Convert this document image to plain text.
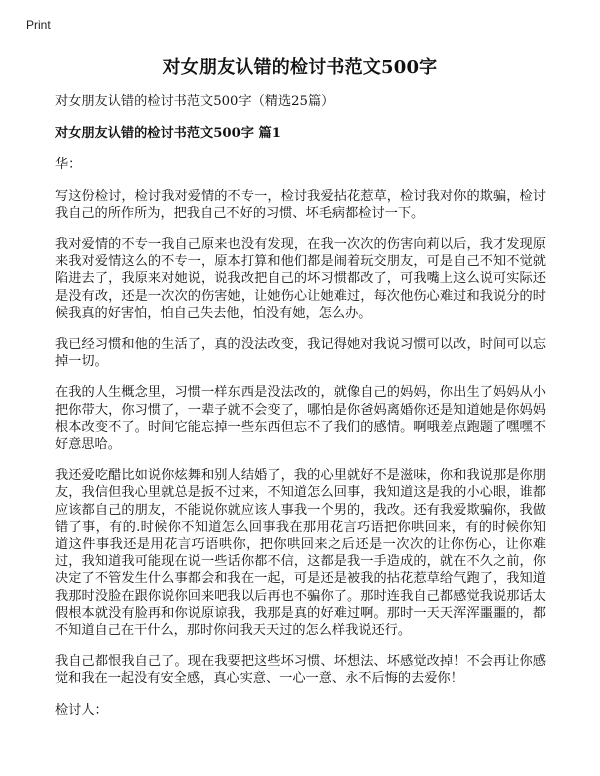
Print
对女朋友认错的检讨书范文500字

对女朋友认错的检讨书范文500字（精选25篇）

对女朋友认错的检讨书范文500字 篇1

华：

写这份检讨，检讨我对爱情的不专一，检讨我爱拈花惹草，检讨我对你的欺骗，检讨我自己的所作所为，把我自己不好的习惯、坏毛病都检讨一下。

我对爱情的不专一我自己原来也没有发现，在我一次次的伤害向莉以后，我才发现原来我对爱情这么的不专一，原本打算和他们都是闹着玩交朋友，可是自己不知不觉就陷进去了，我原来对她说，说我改把自己的坏习惯都改了，可我嘴上这么说可实际还是没有改，还是一次次的伤害她，让她伤心让她难过，每次他伤心难过和我说分的时候我真的好害怕，怕自己失去他，怕没有她，怎么办。

我已经习惯和他的生活了，真的没法改变，我记得她对我说习惯可以改，时间可以忘掉一切。

在我的人生概念里，习惯一样东西是没法改的，就像自己的妈妈，你出生了妈妈从小把你带大，你习惯了，一辈子就不会变了，哪怕是你爸妈离婚你还是知道她是你妈妈根本改变不了。时间它能忘掉一些东西但忘不了我们的感情。啊哦差点跑题了嘿嘿不好意思哈。

我还爱吃醋比如说你炫舞和别人结婚了，我的心里就好不是滋味，你和我说那是你朋友，我信但我心里就总是扳不过来，不知道怎么回事，我知道这是我的小心眼，谁都应该都自己的朋友，不能说你就应该人事我一个男的，我改。还有我爱欺骗你，我做错了事，有的.时候你不知道怎么回事我在那用花言巧语把你哄回来，有的时候你知道这件事我还是用花言巧语哄你，把你哄回来之后还是一次次的让你伤心，让你难过，我知道我可能现在说一些话你都不信，这都是我一手造成的，就在不久之前，你决定了不管发生什么事都会和我在一起，可是还是被我的拈花惹草给气跑了，我知道我那时没脸在跟你说你回来吧我以后再也不骗你了。那时连我自己都感觉我说那话太假根本就没有脸再和你说原谅我，我那是真的好难过啊。那时一天天浑浑噩噩的，都不知道自己在干什么，那时你问我天天过的怎么样我说还行。

我自己都恨我自己了。现在我要把这些坏习惯、坏想法、坏感觉改掉！不会再让你感觉和我在一起没有安全感，真心实意、一心一意、永不后悔的去爱你！

检讨人：
